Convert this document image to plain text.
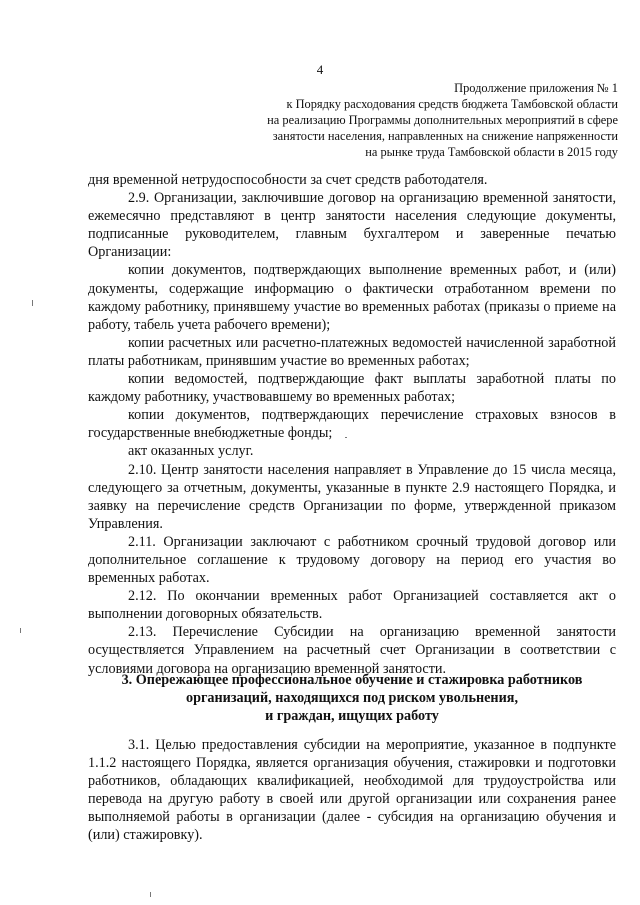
4
Продолжение приложения № 1
к Порядку расходования средств бюджета Тамбовской области
на реализацию Программы дополнительных мероприятий в сфере
занятости населения, направленных на снижение напряженности
на рынке труда Тамбовской области в 2015 году

дня временной нетрудоспособности за счет средств работодателя.

2.9. Организации, заключившие договор на организацию временной занятости, ежемесячно представляют в центр занятости населения следующие документы, подписанные руководителем, главным бухгалтером и заверенные печатью Организации:

копии документов, подтверждающих выполнение временных работ, и (или) документы, содержащие информацию о фактически отработанном времени по каждому работнику, принявшему участие во временных работах (приказы о приеме на работу, табель учета рабочего времени);

копии расчетных или расчетно-платежных ведомостей начисленной заработной платы работникам, принявшим участие во временных работах;

копии ведомостей, подтверждающие факт выплаты заработной платы по каждому работнику, участвовавшему во временных работах;

копии документов, подтверждающих перечисление страховых взносов в государственные внебюджетные фонды;

акт оказанных услуг.

2.10. Центр занятости населения направляет в Управление до 15 числа месяца, следующего за отчетным, документы, указанные в пункте 2.9 настоящего Порядка, и заявку на перечисление средств Организации по форме, утвержденной приказом Управления.

2.11. Организации заключают с работником срочный трудовой договор или дополнительное соглашение к трудовому договору на период его участия во временных работах.

2.12. По окончании временных работ Организацией составляется акт о выполнении договорных обязательств.

2.13. Перечисление Субсидии на организацию временной занятости осуществляется Управлением на расчетный счет Организации в соответствии с условиями договора на организацию временной занятости.

3. Опережающее профессиональное обучение и стажировка работников
организаций, находящихся под риском увольнения,
и граждан, ищущих работу

3.1. Целью предоставления субсидии на мероприятие, указанное в подпункте 1.1.2 настоящего Порядка, является организация обучения, стажировки и подготовки работников, обладающих квалификацией, необходимой для трудоустройства или перевода на другую работу в своей или другой организации или сохранения ранее выполняемой работы в организации (далее - субсидия на организацию обучения и (или) стажировку).
